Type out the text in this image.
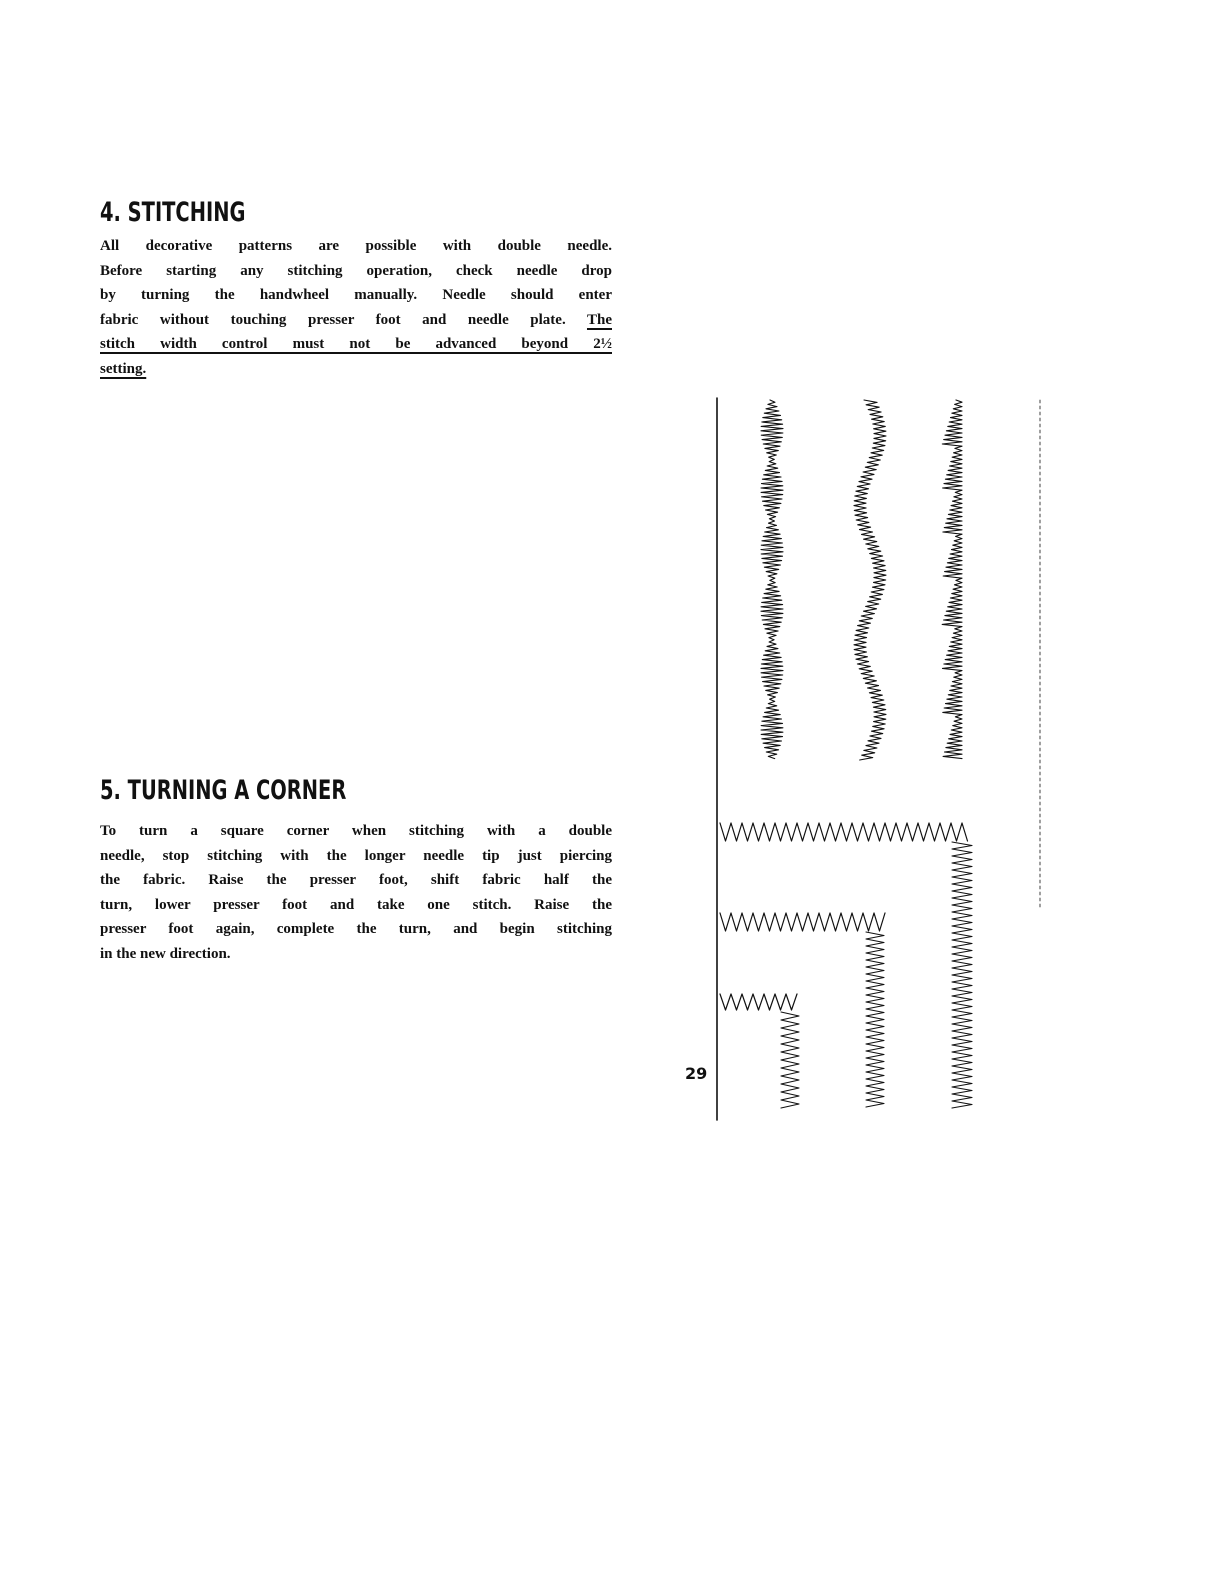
4. STITCHING

All decorative patterns are possible with double needle.
Before starting any stitching operation, check needle drop
by turning the handwheel manually. Needle should enter
fabric without touching presser foot and needle plate. The
stitch width control must not be advanced beyond 2½
setting.

5. TURNING A CORNER

To turn a square corner when stitching with a double
needle, stop stitching with the longer needle tip just piercing
the fabric. Raise the presser foot, shift fabric half the
turn, lower presser foot and take one stitch. Raise the
presser foot again, complete the turn, and begin stitching
in the new direction.

29
